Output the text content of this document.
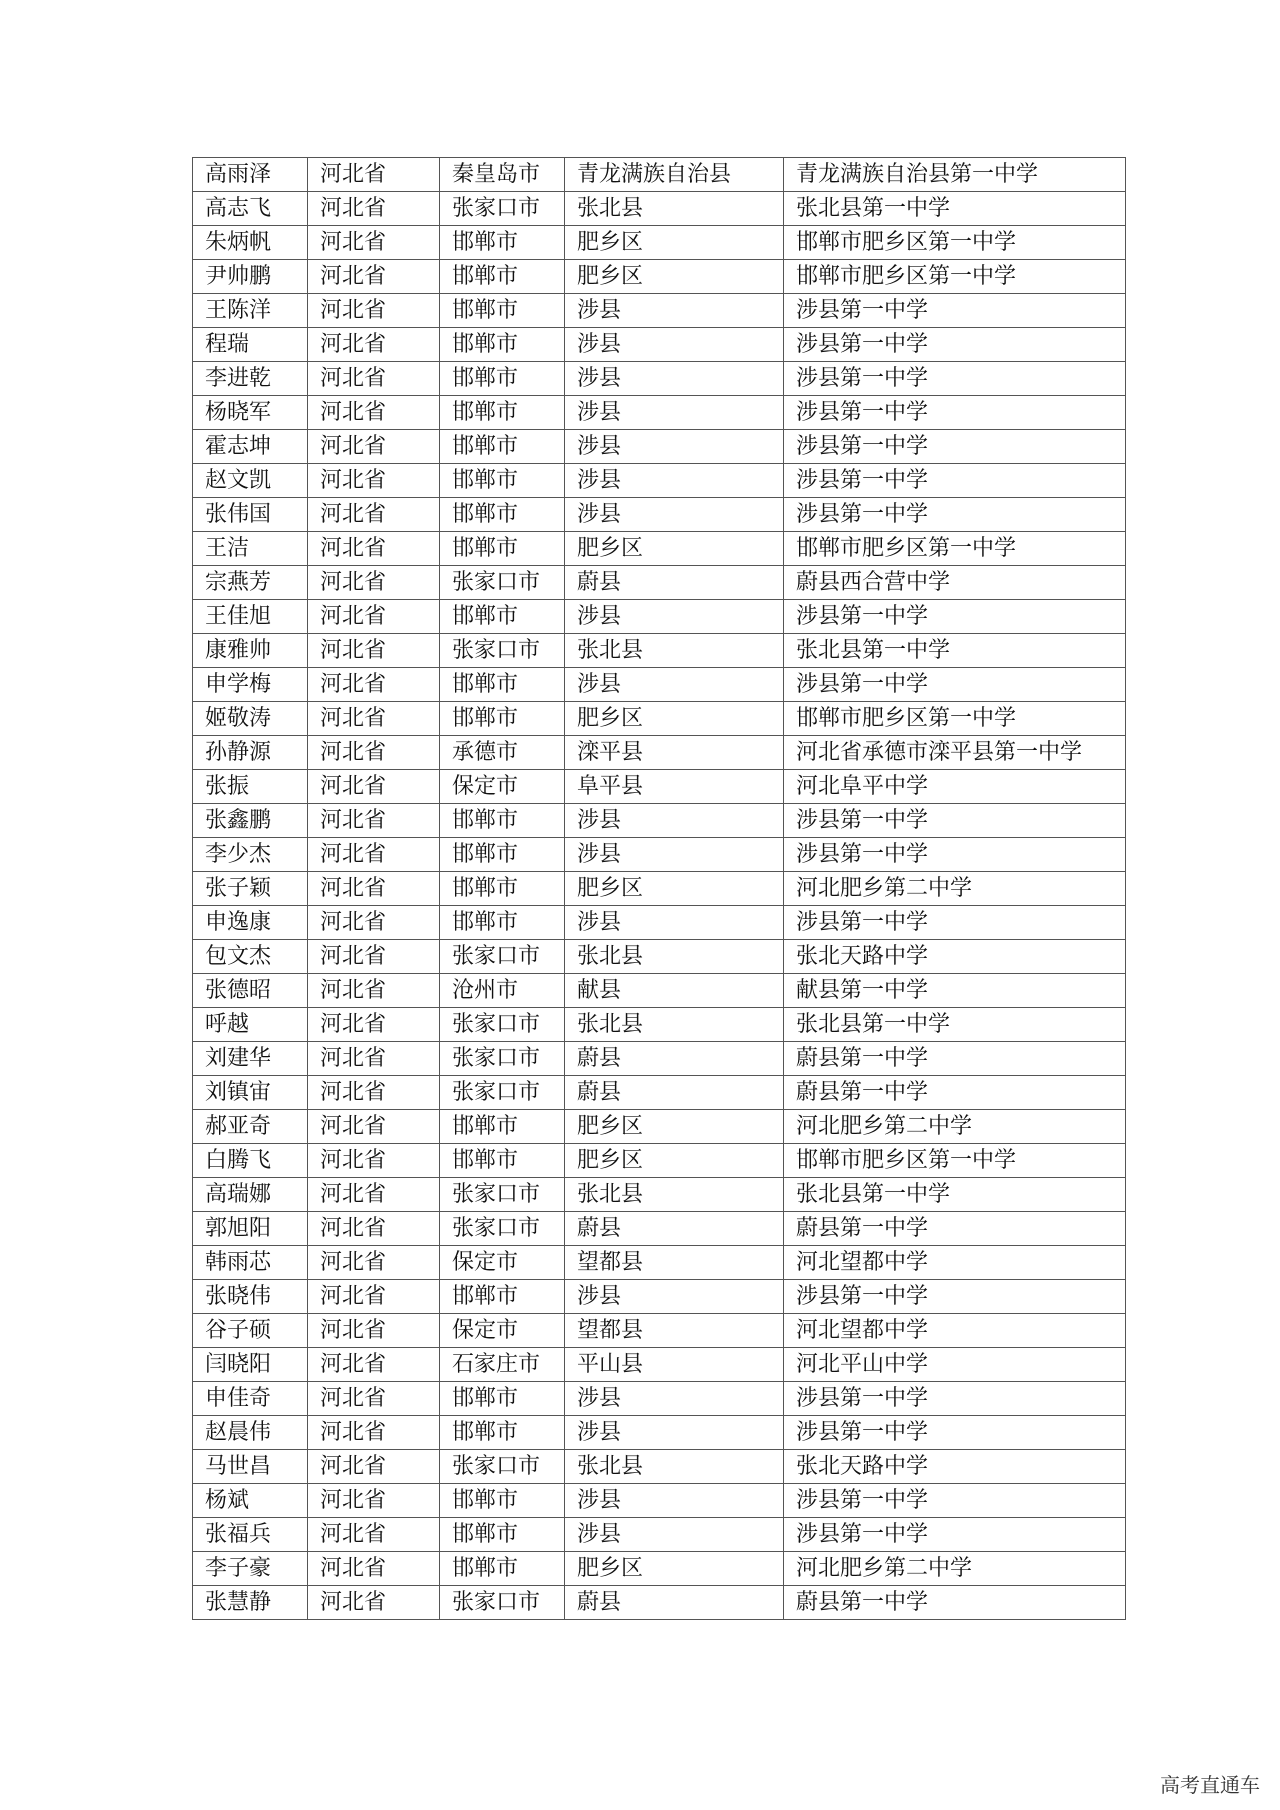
高雨泽	河北省	秦皇岛市	青龙满族自治县	青龙满族自治县第一中学
高志飞	河北省	张家口市	张北县	张北县第一中学
朱炳帆	河北省	邯郸市	肥乡区	邯郸市肥乡区第一中学
尹帅鹏	河北省	邯郸市	肥乡区	邯郸市肥乡区第一中学
王陈洋	河北省	邯郸市	涉县	涉县第一中学
程瑞	河北省	邯郸市	涉县	涉县第一中学
李进乾	河北省	邯郸市	涉县	涉县第一中学
杨晓军	河北省	邯郸市	涉县	涉县第一中学
霍志坤	河北省	邯郸市	涉县	涉县第一中学
赵文凯	河北省	邯郸市	涉县	涉县第一中学
张伟国	河北省	邯郸市	涉县	涉县第一中学
王洁	河北省	邯郸市	肥乡区	邯郸市肥乡区第一中学
宗燕芳	河北省	张家口市	蔚县	蔚县西合营中学
王佳旭	河北省	邯郸市	涉县	涉县第一中学
康雅帅	河北省	张家口市	张北县	张北县第一中学
申学梅	河北省	邯郸市	涉县	涉县第一中学
姬敬涛	河北省	邯郸市	肥乡区	邯郸市肥乡区第一中学
孙静源	河北省	承德市	滦平县	河北省承德市滦平县第一中学
张振	河北省	保定市	阜平县	河北阜平中学
张鑫鹏	河北省	邯郸市	涉县	涉县第一中学
李少杰	河北省	邯郸市	涉县	涉县第一中学
张子颖	河北省	邯郸市	肥乡区	河北肥乡第二中学
申逸康	河北省	邯郸市	涉县	涉县第一中学
包文杰	河北省	张家口市	张北县	张北天路中学
张德昭	河北省	沧州市	献县	献县第一中学
呼越	河北省	张家口市	张北县	张北县第一中学
刘建华	河北省	张家口市	蔚县	蔚县第一中学
刘镇宙	河北省	张家口市	蔚县	蔚县第一中学
郝亚奇	河北省	邯郸市	肥乡区	河北肥乡第二中学
白腾飞	河北省	邯郸市	肥乡区	邯郸市肥乡区第一中学
高瑞娜	河北省	张家口市	张北县	张北县第一中学
郭旭阳	河北省	张家口市	蔚县	蔚县第一中学
韩雨芯	河北省	保定市	望都县	河北望都中学
张晓伟	河北省	邯郸市	涉县	涉县第一中学
谷子硕	河北省	保定市	望都县	河北望都中学
闫晓阳	河北省	石家庄市	平山县	河北平山中学
申佳奇	河北省	邯郸市	涉县	涉县第一中学
赵晨伟	河北省	邯郸市	涉县	涉县第一中学
马世昌	河北省	张家口市	张北县	张北天路中学
杨斌	河北省	邯郸市	涉县	涉县第一中学
张福兵	河北省	邯郸市	涉县	涉县第一中学
李子豪	河北省	邯郸市	肥乡区	河北肥乡第二中学
张慧静	河北省	张家口市	蔚县	蔚县第一中学
高考直通车
